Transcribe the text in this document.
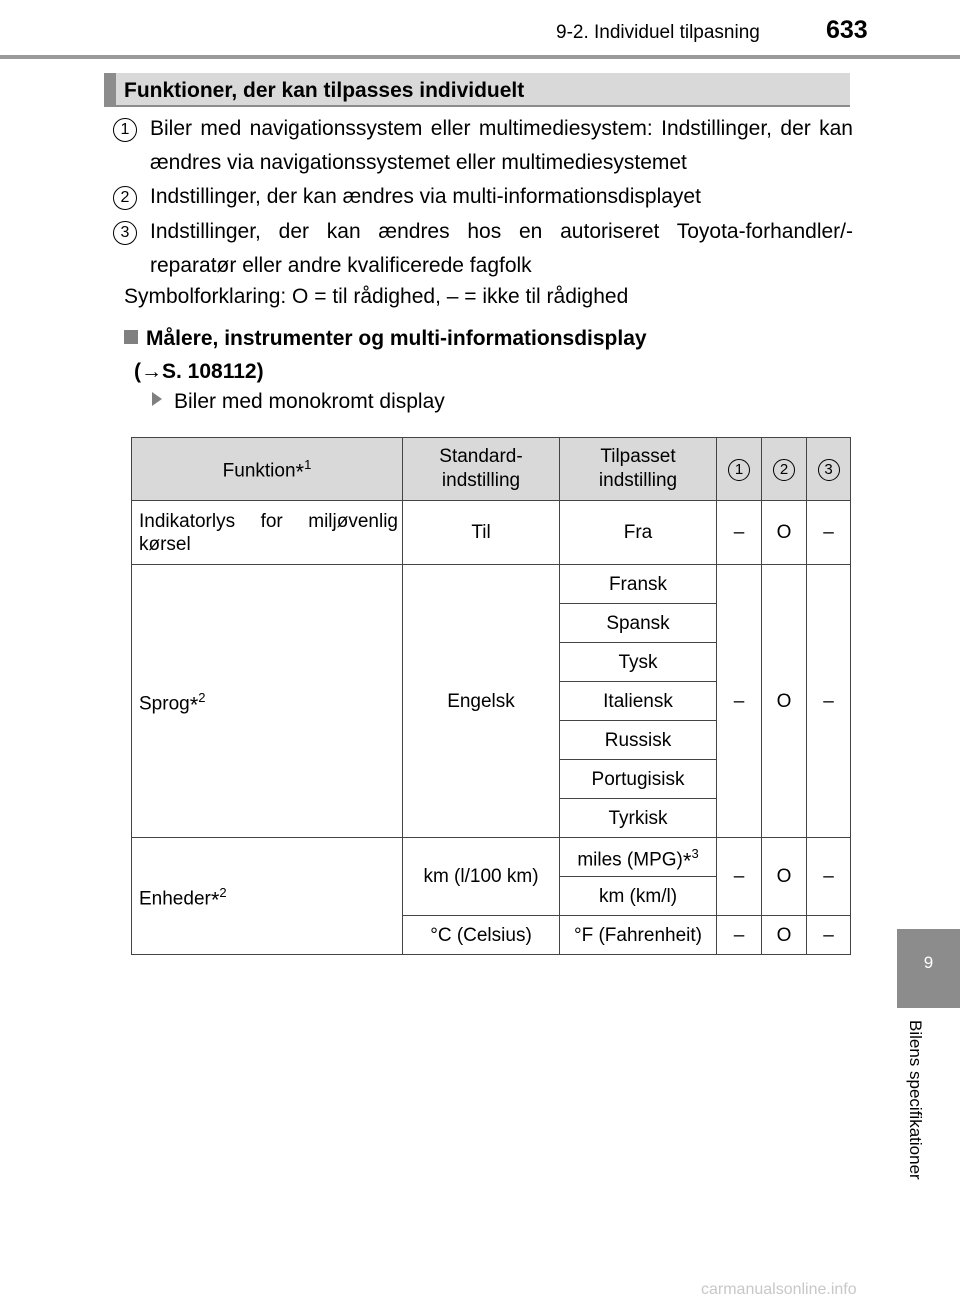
9-2. Individuel tilpasning	633
Funktioner, der kan tilpasses individuelt
1 Biler med navigationssystem eller multimediesystem: Indstillinger, der kan ændres via navigationssystemet eller multimediesystemet
2 Indstillinger, der kan ændres via multi-informationsdisplayet
3 Indstillinger, der kan ændres hos en autoriseret Toyota-forhandler/-reparatør eller andre kvalificerede fagfolk
Symbolforklaring: O = til rådighed, – = ikke til rådighed
Målere, instrumenter og multi-informationsdisplay
(→S. 108112)
Biler med monokromt display
Funktion*$^1$	Standard-indstilling	Tilpasset indstilling	1	2	3
Indikatorlys for miljøvenlig kørsel	Til	Fra	–	O	–
Sprog*$^2$	Engelsk	Fransk	–	O	–
		Spansk			
		Tysk			
		Italiensk			
		Russisk			
		Portugisisk			
		Tyrkisk			
Enheder*$^2$	km (l/100 km)	miles (MPG)*$^3$	–	O	–
		km (km/l)			
	°C (Celsius)	°F (Fahrenheit)	–	O	–
9
Bilens specifikationer
carmanualsonline.info
